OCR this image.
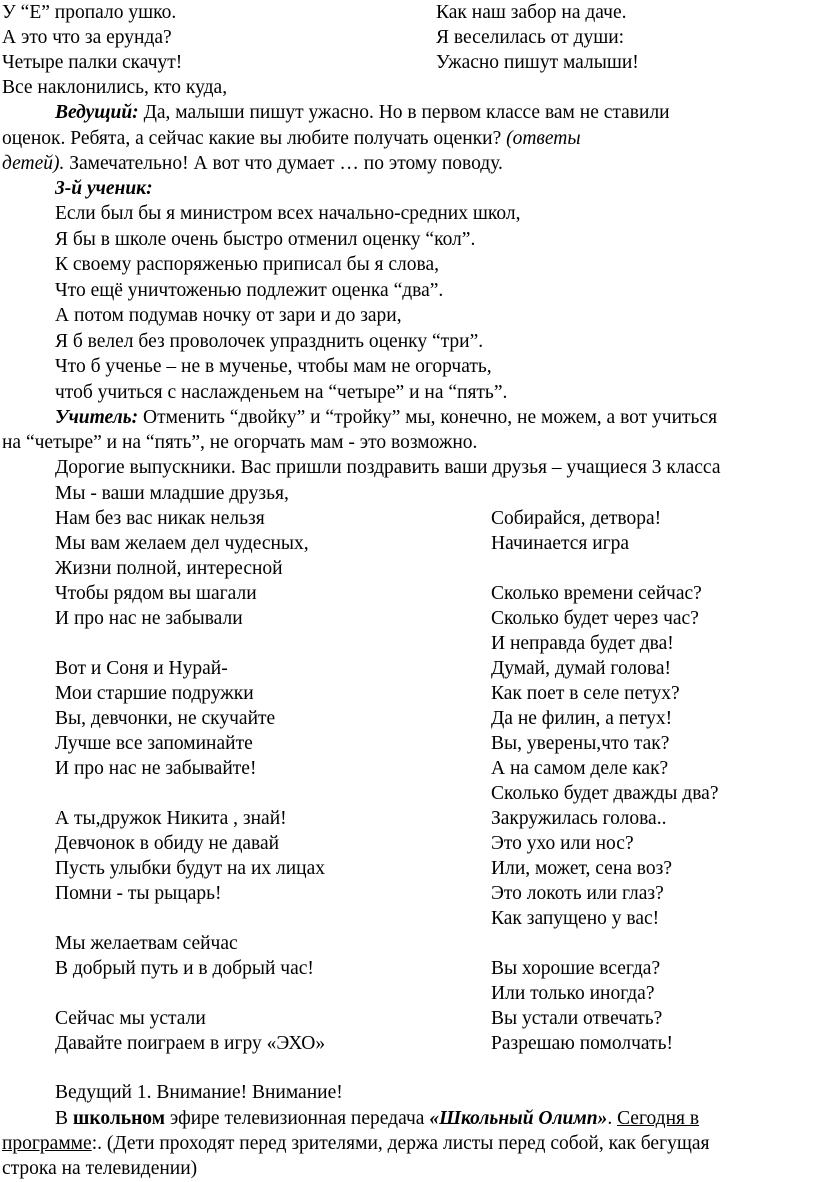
У “Е” пропало ушко.
А это что за ерунда?
Четыре палки скачут!
Все наклонились, кто куда,
Как наш забор на даче.
Я веселилась от души:
Ужасно пишут малыши!
Ведущий: Да, малыши пишут ужасно. Но в первом классе вам не ставили
оценок. Ребята, а сейчас какие вы любите получать оценки? (ответы
детей). Замечательно! А вот что думает … по этому поводу.
3-й ученик:
Если был бы я министром всех начально-средних школ,
Я бы в школе очень быстро отменил оценку “кол”.
К своему распоряженью приписал бы я слова,
Что ещё уничтоженью подлежит оценка “два”.
А потом подумав ночку от зари и до зари,
Я б велел без проволочек упразднить оценку “три”.
Что б ученье – не в мученье, чтобы мам не огорчать,
чтоб учиться с наслажденьем на “четыре” и на “пять”.
Учитель: Отменить “двойку” и “тройку” мы, конечно, не можем, а вот учиться
на “четыре” и на “пять”, не огорчать мам - это возможно.
Дорогие выпускники. Вас пришли поздравить ваши друзья – учащиеся 3 класса
Мы - ваши младшие друзья,
Нам без вас никак нельзя
Мы вам желаем дел чудесных,
Жизни полной, интересной
Чтобы рядом вы шагали
И про нас не забывали
Вот и Соня и Нурай-
Мои старшие подружки
Вы, девчонки, не скучайте
Лучше все запоминайте
И про нас не забывайте!
А ты,дружок Никита , знай!
Девчонок в обиду не давай
Пусть улыбки будут на их лицах
Помни - ты рыцарь!
Мы желаетвам сейчас
В добрый путь и в добрый час!
Сейчас мы устали
Давайте поиграем в игру «ЭХО»
Собирайся, детвора!
Начинается игра
Сколько времени сейчас?
Сколько будет через час?
И неправда будет два!
Думай, думай голова!
Как поет в селе петух?
Да не филин, а петух!
Вы, уверены,что так?
А на самом деле как?
Сколько будет дважды два?
Закружилась голова..
Это ухо или нос?
Или, может, сена воз?
Это локоть или глаз?
Как запущено у вас!
Вы хорошие всегда?
Или только иногда?
Вы устали отвечать?
Разрешаю помолчать!
Ведущий 1. Внимание! Внимание!
В школьном эфире телевизионная передача «Школьный Олимп». Сегодня в
программе:. (Дети проходят перед зрителями, держа листы перед собой, как бегущая
строка на телевидении)
